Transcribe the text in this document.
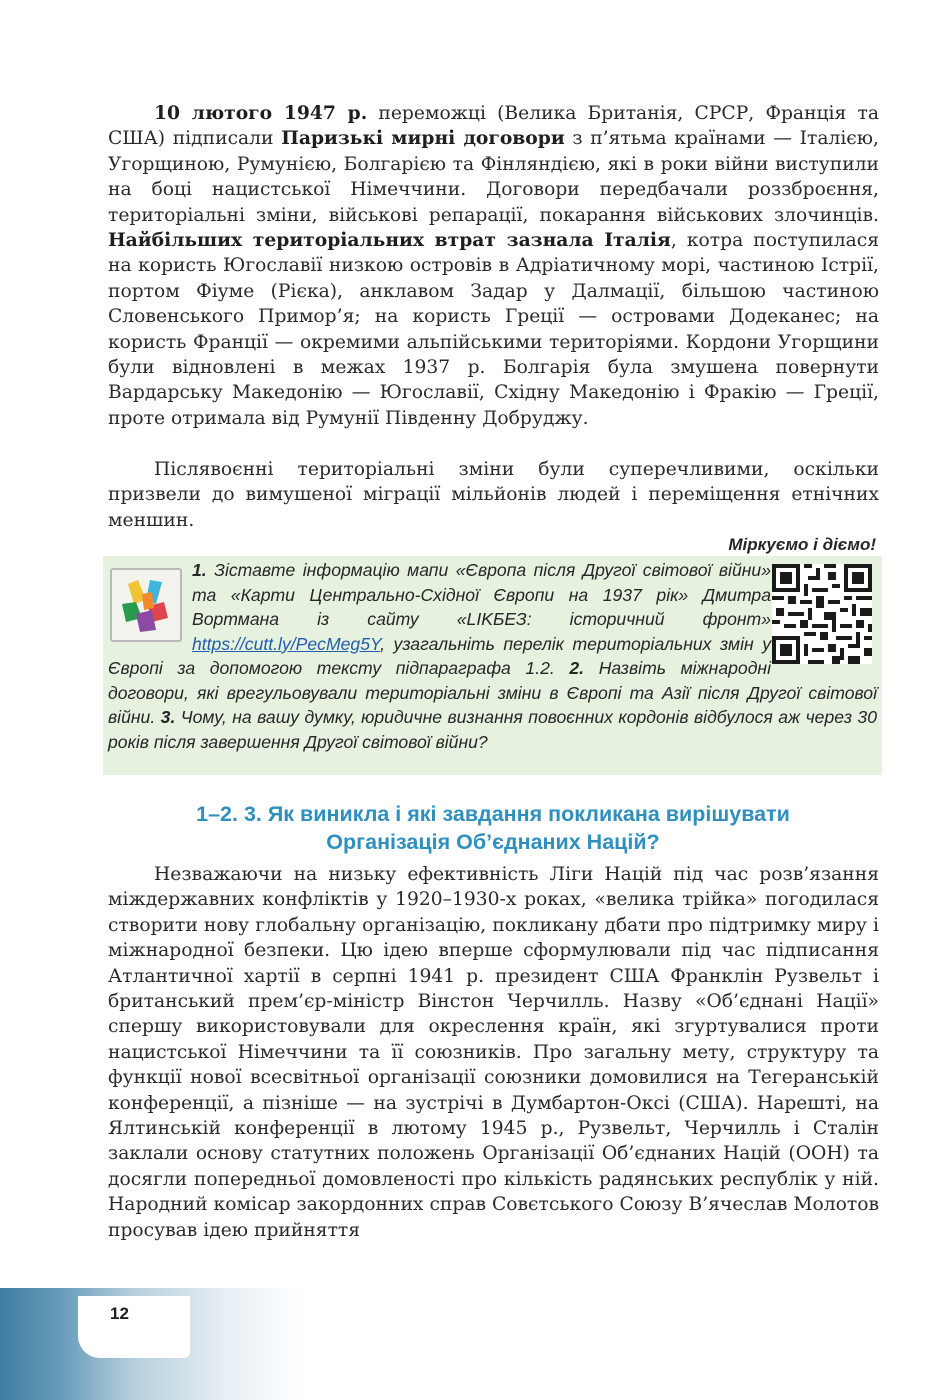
10 лютого 1947 р. переможці (Велика Британія, СРСР, Франція та США) підписали Паризькі мирні договори з п’ятьма країнами — Італією, Угорщиною, Румунією, Болгарією та Фінляндією, які в роки війни виступили на боці нацистської Німеччини. Договори передбачали роззброєння, територіальні зміни, військові репарації, покарання військових злочинців. Найбільших територіальних втрат зазнала Італія, котра поступилася на користь Югославії низкою островів в Адріатичному морі, частиною Істрії, портом Фіуме (Рієка), анклавом Задар у Далмації, більшою частиною Словенського Примор’я; на користь Греції — островами Додеканес; на користь Франції — окремими альпійськими територіями. Кордони Угорщини були відновлені в межах 1937 р. Болгарія була змушена повернути Вардарську Македонію — Югославії, Східну Македонію і Фракію — Греції, проте отримала від Румунії Південну Добруджу.

Післявоєнні територіальні зміни були суперечливими, оскільки призвели до вимушеної міграції мільйонів людей і переміщення етнічних меншин.

Міркуємо і діємо!

1. Зіставте інформацію мапи «Європа після Другої світової війни» та «Карти Центрально-Східної Європи на 1937 рік» Дмитра Вортмана із сайту «LIKБЕЗ: історичний фронт» https://cutt.ly/PecMeg5Y, узагальніть перелік територіальних змін у Європі за допомогою тексту підпараграфа 1.2. 2. Назвіть міжнародні договори, які врегульовували територіальні зміни в Європі та Азії після Другої світової війни. 3. Чому, на вашу думку, юридичне визнання повоєнних кордонів відбулося аж через 30 років після завершення Другої світової війни?

1–2. 3. Як виникла і які завдання покликана вирішувати
Організація Об’єднаних Націй?

Незважаючи на низьку ефективність Ліги Націй під час розв’язання міждержавних конфліктів у 1920–1930-х роках, «велика трійка» погодилася створити нову глобальну організацію, покликану дбати про підтримку миру і міжнародної безпеки. Цю ідею вперше сформулювали під час підписання Атлантичної хартії в серпні 1941 р. президент США Франклін Рузвельт і британський прем’єр-міністр Вінстон Черчилль. Назву «Об’єднані Нації» спершу використовували для окреслення країн, які згуртувалися проти нацистської Німеччини та її союзників. Про загальну мету, структуру та функції нової всесвітньої організації союзники домовилися на Тегеранській конференції, а пізніше — на зустрічі в Думбартон-Оксі (США). Нарешті, на Ялтинській конференції в лютому 1945 р., Рузвельт, Черчилль і Сталін заклали основу статутних положень Організації Об’єднаних Націй (ООН) та досягли попередньої домовленості про кількість радянських республік у ній. Народний комісар закордонних справ Совєтського Союзу В’ячеслав Молотов просував ідею прийняття

12
